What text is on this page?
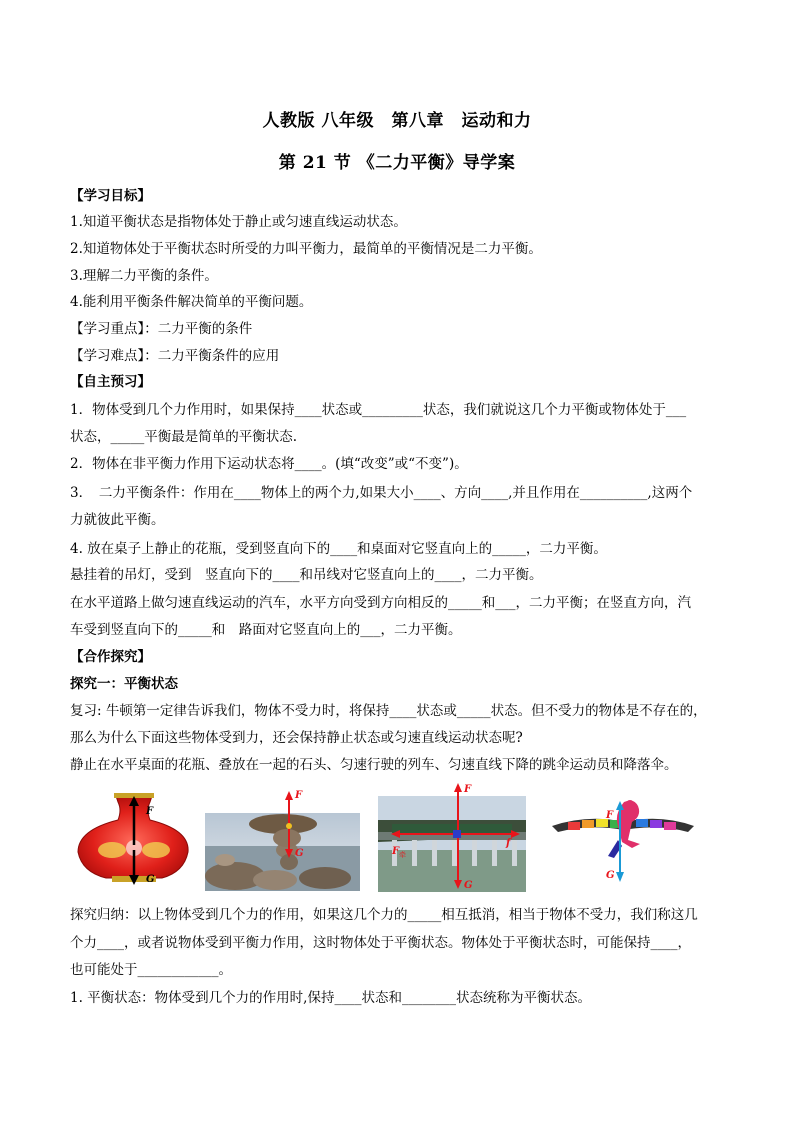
人教版 八年级　第八章　运动和力
第 21 节 《二力平衡》导学案
【学习目标】
1.知道平衡状态是指物体处于静止或匀速直线运动状态。
2.知道物体处于平衡状态时所受的力叫平衡力，最简单的平衡情况是二力平衡。
3.理解二力平衡的条件。
4.能利用平衡条件解决简单的平衡问题。
【学习重点】：二力平衡的条件
【学习难点】：二力平衡条件的应用
【自主预习】
1．物体受到几个力作用时，如果保持____状态或_________状态，我们就说这几个力平衡或物体处于___
状态，_____平衡最是简单的平衡状态.
2．物体在非平衡力作用下运动状态将____。(填“改变”或“不变”)。
3．　二力平衡条件：作用在____物体上的两个力,如果大小____、方向____,并且作用在__________,这两个
力就彼此平衡。
4. 放在桌子上静止的花瓶，受到竖直向下的____和桌面对它竖直向上的_____，二力平衡。
悬挂着的吊灯，受到　竖直向下的____和吊线对它竖直向上的____，二力平衡。
在水平道路上做匀速直线运动的汽车，水平方向受到方向相反的_____和___，二力平衡；在竖直方向，汽
车受到竖直向下的_____和　路面对它竖直向上的___，二力平衡。
【合作探究】
探究一：平衡状态
复习: 牛顿第一定律告诉我们，物体不受力时，将保持____状态或_____状态。但不受力的物体是不存在的，
那么为什么下面这些物体受到力，还会保持静止状态或匀速直线运动状态呢?
静止在水平桌面的花瓶、叠放在一起的石头、匀速行驶的列车、匀速直线下降的跳伞运动员和降落伞。
F
G
F
G
F
G
F 牵
f
F
G
探究归纳：以上物体受到几个力的作用，如果这几个力的_____相互抵消，相当于物体不受力，我们称这几
个力____，或者说物体受到平衡力作用，这时物体处于平衡状态。物体处于平衡状态时，可能保持____，
也可能处于____________。
1. 平衡状态：物体受到几个力的作用时,保持____状态和________状态统称为平衡状态。
